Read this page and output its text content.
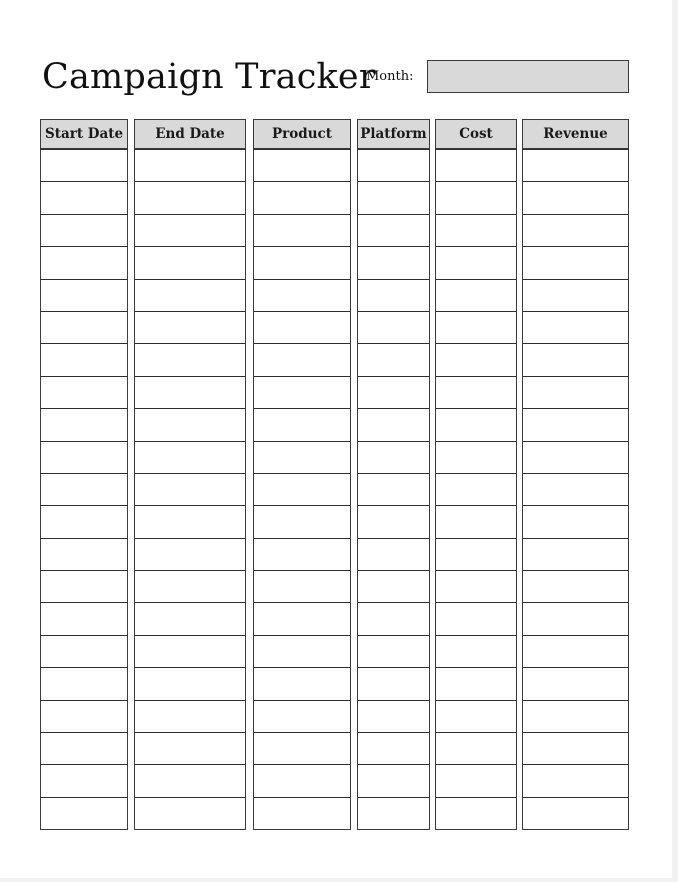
Campaign Tracker
Month:
Start Date	End Date	Product	Platform	Cost	Revenue
